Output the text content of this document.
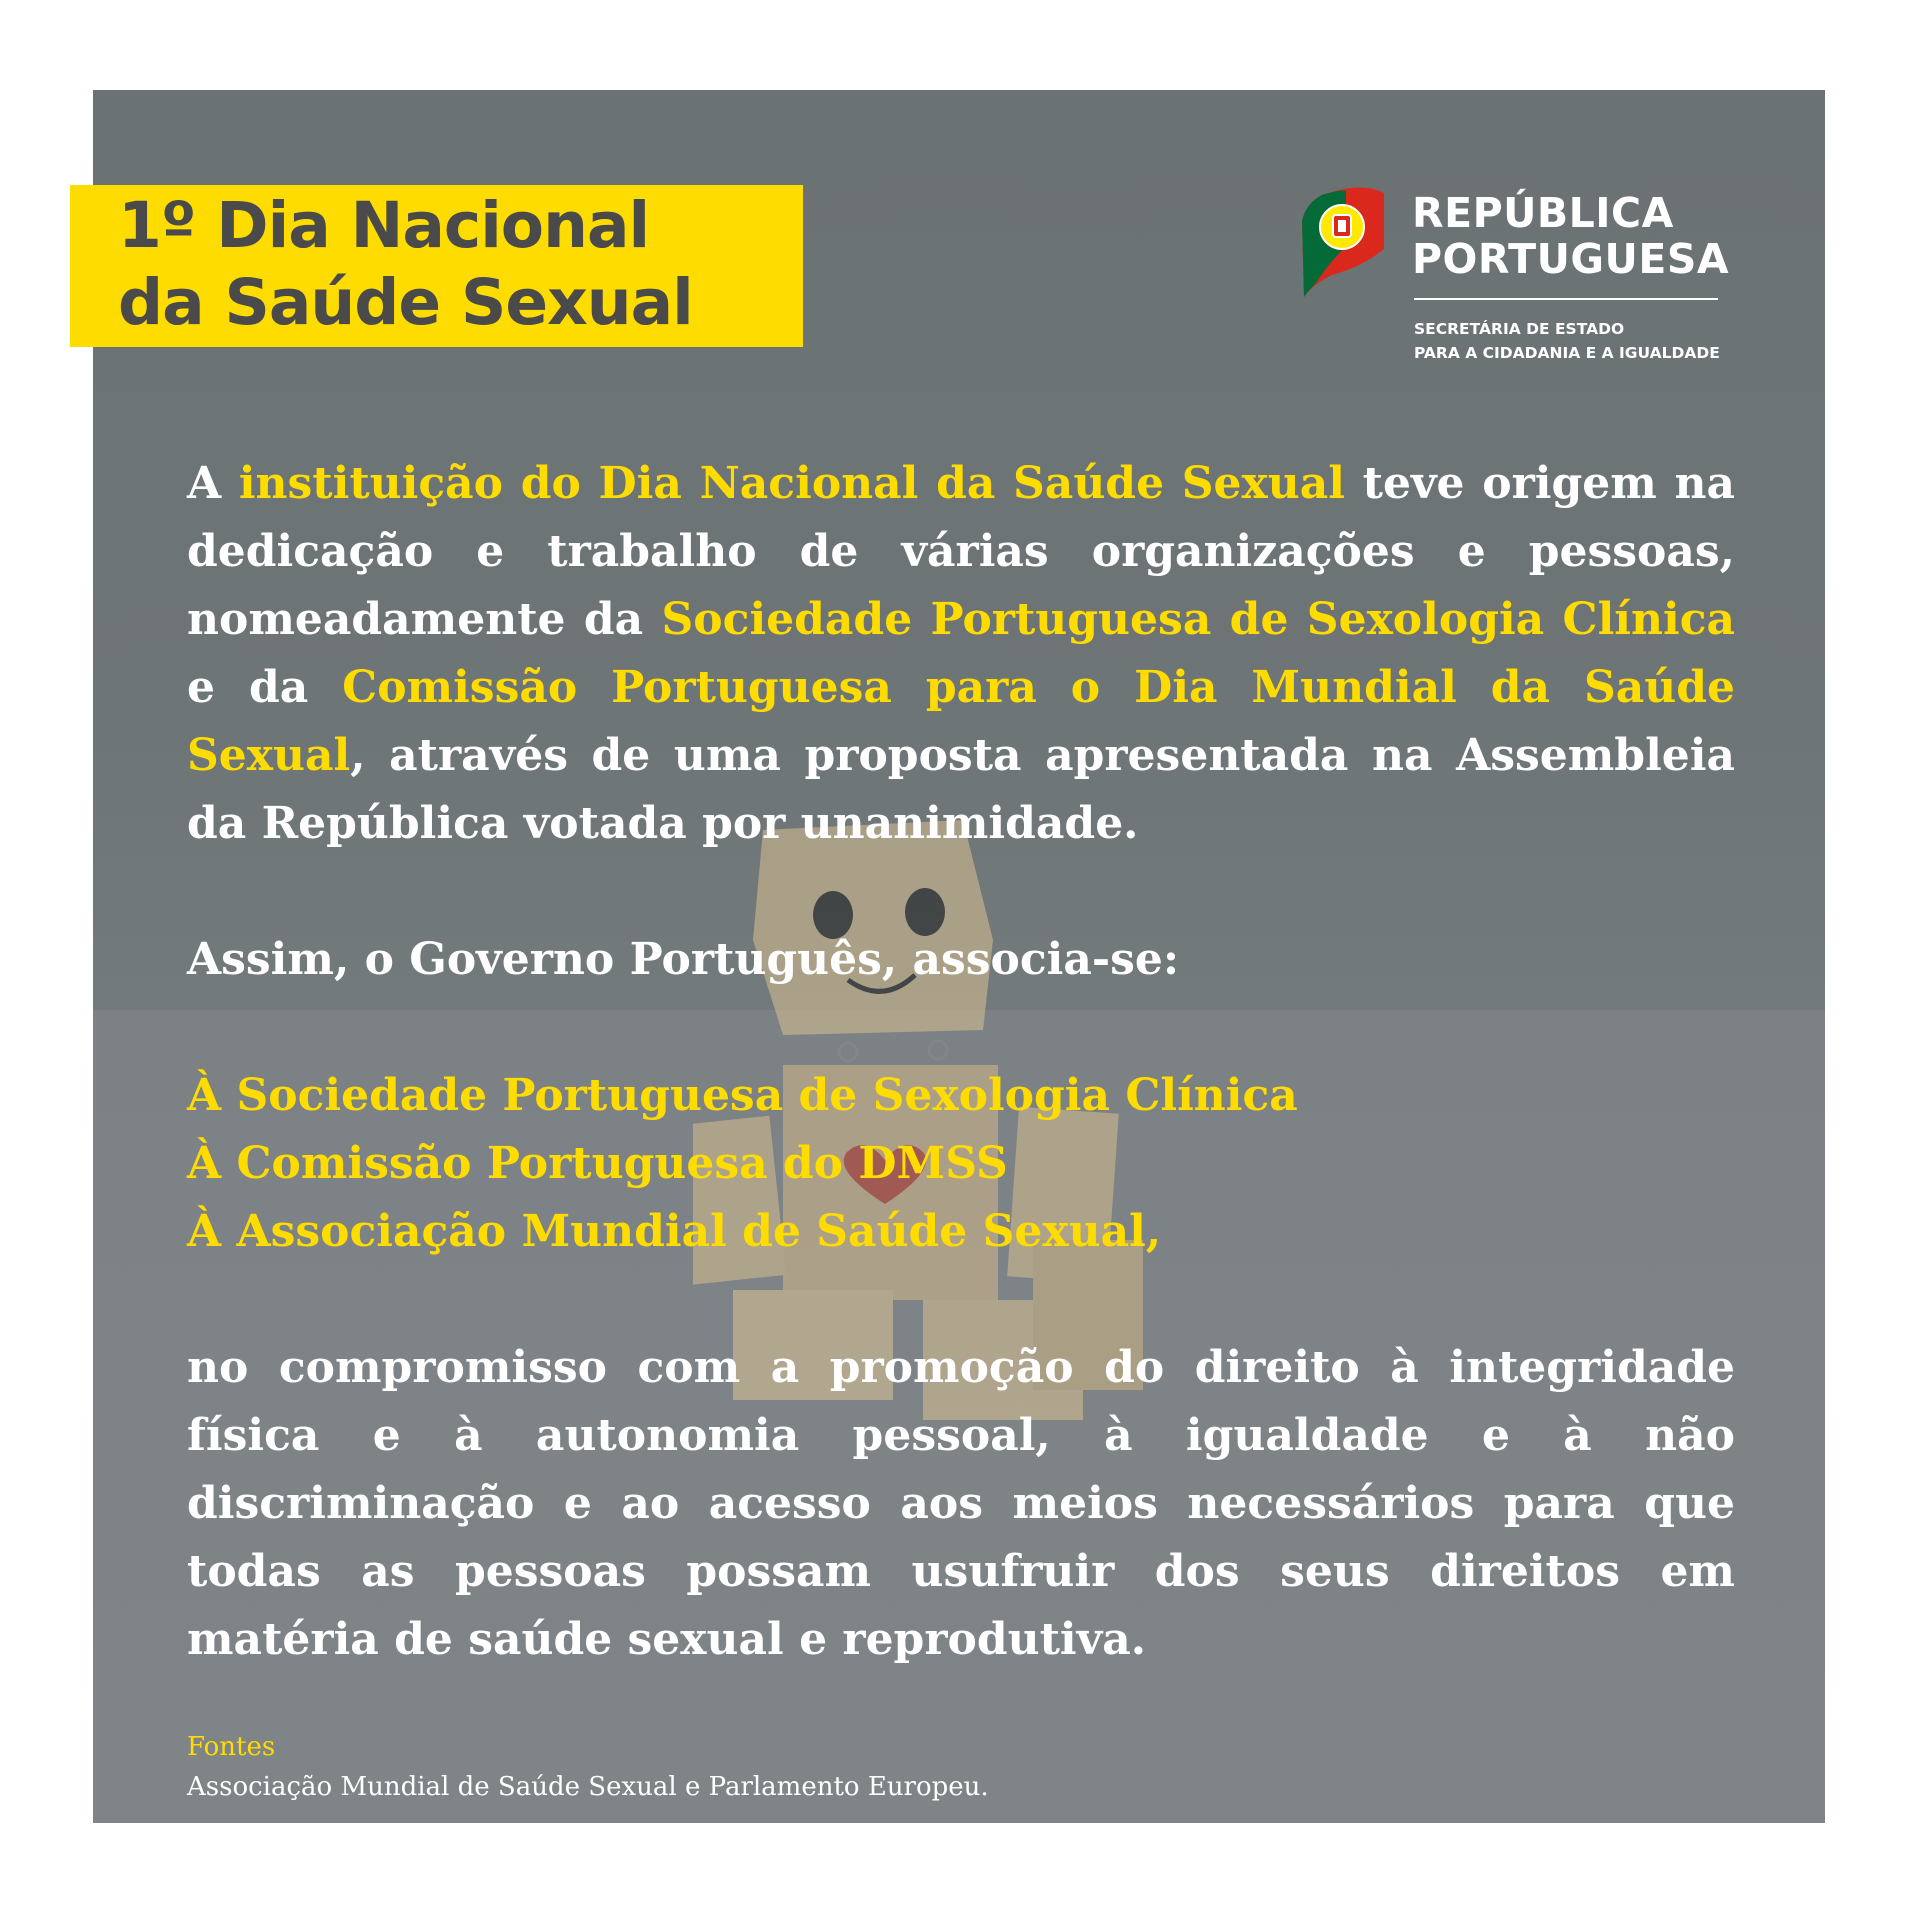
1º Dia Nacional
da Saúde Sexual
REPÚBLICA
PORTUGUESA
SECRETÁRIA DE ESTADO
PARA A CIDADANIA E A IGUALDADE

A instituição do Dia Nacional da Saúde Sexual teve origem na dedicação e trabalho de várias organizações e pessoas, nomeadamente da Sociedade Portuguesa de Sexologia Clínica e da Comissão Portuguesa para o Dia Mundial da Saúde Sexual, através de uma proposta apresentada na Assembleia da República votada por unanimidade.

Assim, o Governo Português, associa-se:

À Sociedade Portuguesa de Sexologia Clínica
À Comissão Portuguesa do DMSS
À Associação Mundial de Saúde Sexual,

no compromisso com a promoção do direito à integridade física e à autonomia pessoal, à igualdade e à não discriminação e ao acesso aos meios necessários para que todas as pessoas possam usufruir dos seus direitos em matéria de saúde sexual e reprodutiva.

Fontes
Associação Mundial de Saúde Sexual e Parlamento Europeu.
